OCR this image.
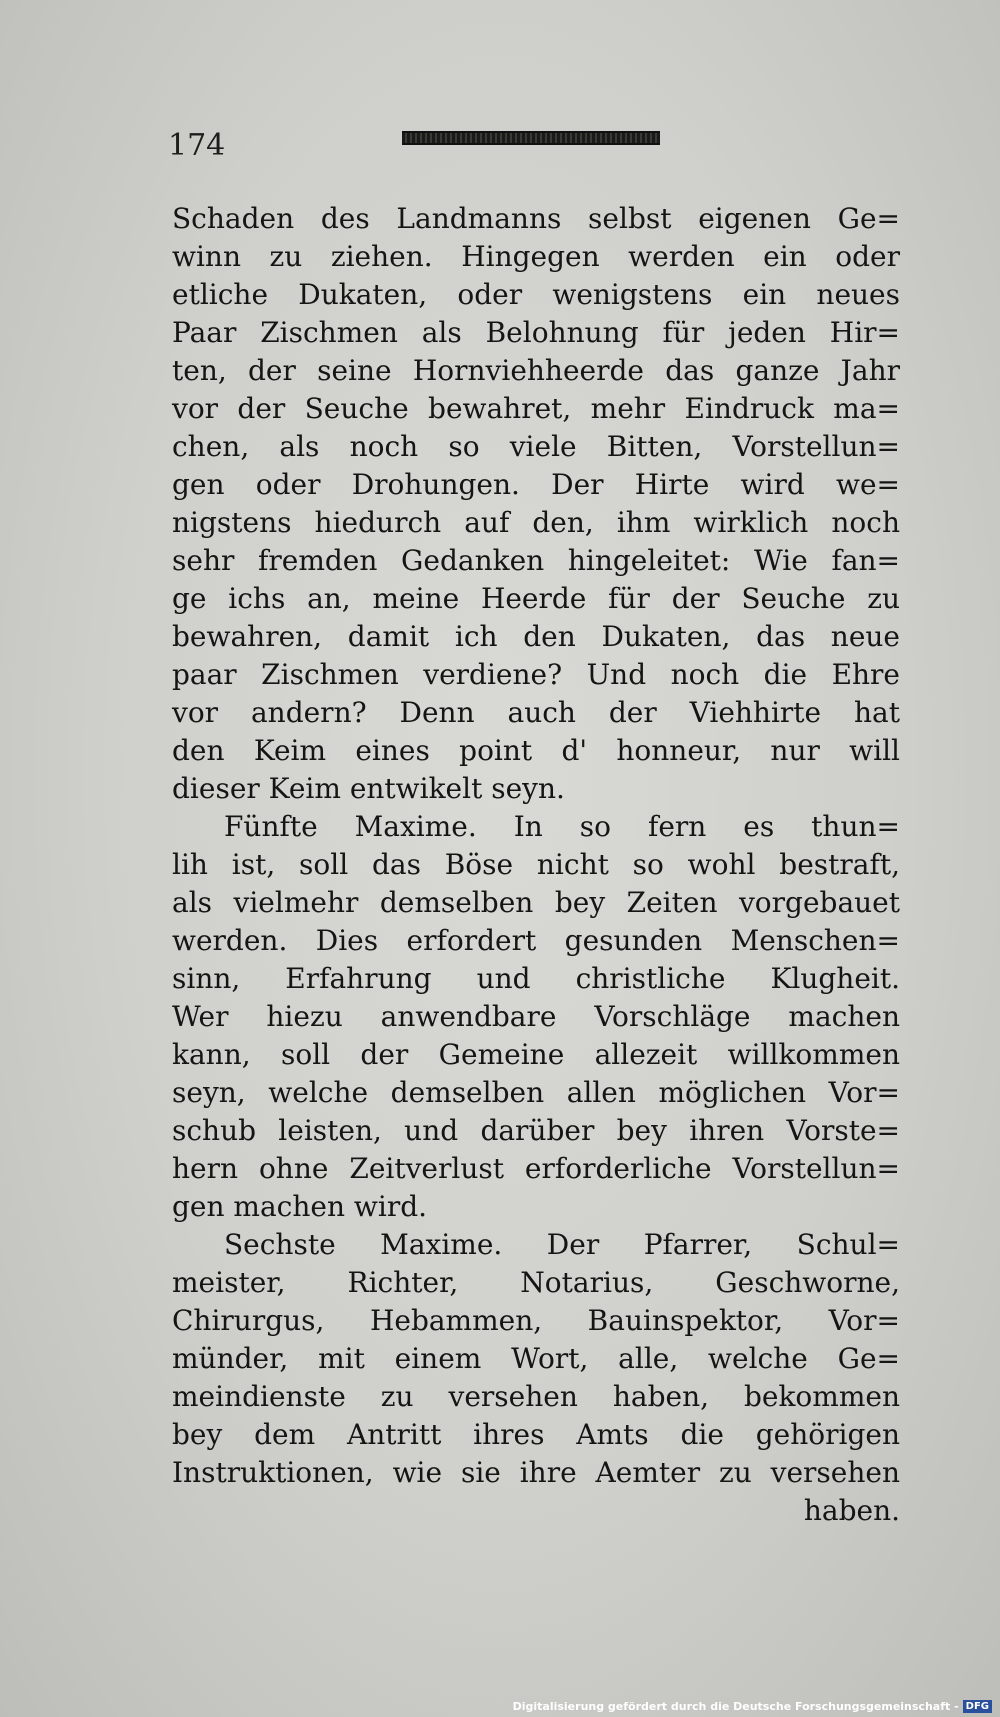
174

Schaden des Landmanns selbst eigenen Ge=

winn zu ziehen. Hingegen werden ein oder

etliche Dukaten, oder wenigstens ein neues

Paar Zischmen als Belohnung für jeden Hir=

ten, der seine Hornviehheerde das ganze Jahr

vor der Seuche bewahret, mehr Eindruck ma=

chen, als noch so viele Bitten, Vorstellun=

gen oder Drohungen. Der Hirte wird we=

nigstens hiedurch auf den, ihm wirklich noch

sehr fremden Gedanken hingeleitet: Wie fan=

ge ichs an, meine Heerde für der Seuche zu

bewahren, damit ich den Dukaten, das neue

paar Zischmen verdiene? Und noch die Ehre

vor andern? Denn auch der Viehhirte hat

den Keim eines point d' honneur, nur will

dieser Keim entwikelt seyn.

Fünfte Maxime. In so fern es thun=

lih ist, soll das Böse nicht so wohl bestraft,

als vielmehr demselben bey Zeiten vorgebauet

werden. Dies erfordert gesunden Menschen=

sinn, Erfahrung und christliche Klugheit.

Wer hiezu anwendbare Vorschläge machen

kann, soll der Gemeine allezeit willkommen

seyn, welche demselben allen möglichen Vor=

schub leisten, und darüber bey ihren Vorste=

hern ohne Zeitverlust erforderliche Vorstellun=

gen machen wird.

Sechste Maxime. Der Pfarrer, Schul=

meister, Richter, Notarius, Geschworne,

Chirurgus, Hebammen, Bauinspektor, Vor=

münder, mit einem Wort, alle, welche Ge=

meindienste zu versehen haben, bekommen

bey dem Antritt ihres Amts die gehörigen

Instruktionen, wie sie ihre Aemter zu versehen

haben.

Digitalisierung gefördert durch die Deutsche Forschungsgemeinschaft - DFG
